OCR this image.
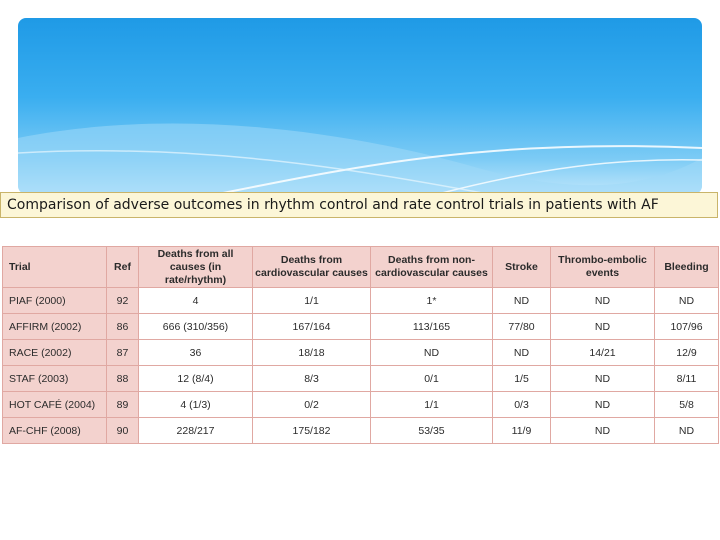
Comparison of adverse outcomes in rhythm control and rate control trials in patients with AF
Trial	Ref	Deaths from all causes (in rate/rhythm)	Deaths from cardiovascular causes	Deaths from non-cardiovascular causes	Stroke	Thrombo-embolic events	Bleeding
PIAF (2000)	92	4	1/1	1*	ND	ND	ND
AFFIRM (2002)	86	666 (310/356)	167/164	113/165	77/80	ND	107/96
RACE (2002)	87	36	18/18	ND	ND	14/21	12/9
STAF (2003)	88	12 (8/4)	8/3	0/1	1/5	ND	8/11
HOT CAFÉ (2004)	89	4 (1/3)	0/2	1/1	0/3	ND	5/8
AF-CHF (2008)	90	228/217	175/182	53/35	11/9	ND	ND
